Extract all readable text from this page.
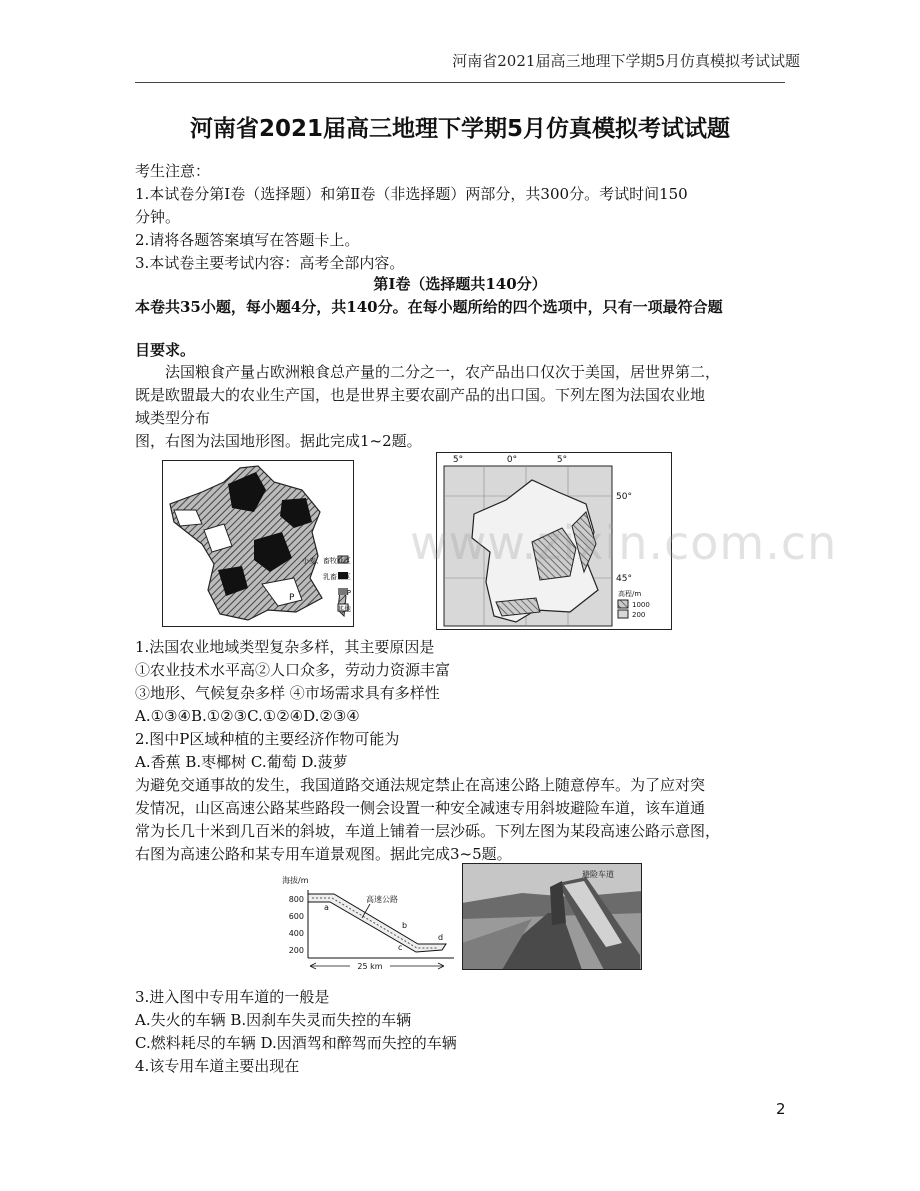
河南省2021届高三地理下学期5月仿真模拟考试试题
河南省2021届高三地理下学期5月仿真模拟考试试题
考生注意：
1.本试卷分第Ⅰ卷（选择题）和第Ⅱ卷（非选择题）两部分，共300分。考试时间150
分钟。
2.请将各题答案填写在答题卡上。
3.本试卷主要考试内容：高考全部内容。
第Ⅰ卷（选择题共140分）
本卷共35小题，每小题4分，共140分。在每小题所给的四个选项中，只有一项最符合题
目要求。
法国粮食产量占欧洲粮食总产量的二分之一，农产品出口仅次于美国，居世界第二，
既是欧盟最大的农业生产国，也是世界主要农副产品的出口国。下列左图为法国农业地
域类型分布
图，右图为法国地形图。据此完成1~2题。
P
小麦、畜牧业区
乳畜业区
P
其他
5°	0°	5°
50°
45°
高程/m
1000
200
www.zixin.com.cn
1.法国农业地域类型复杂多样，其主要原因是
①农业技术水平高②人口众多，劳动力资源丰富
③地形、气候复杂多样 ④市场需求具有多样性
A.①③④B.①②③C.①②④D.②③④
2.图中P区域种植的主要经济作物可能为
A.香蕉 B.枣椰树 C.葡萄 D.菠萝
为避免交通事故的发生，我国道路交通法规定禁止在高速公路上随意停车。为了应对突
发情况，山区高速公路某些路段一侧会设置一种安全减速专用斜坡避险车道，该车道通
常为长几十米到几百米的斜坡，车道上铺着一层沙砾。下列左图为某段高速公路示意图，
右图为高速公路和某专用车道景观图。据此完成3~5题。
海拔/m
800
600
400
200
高速公路
a
b
c
d
25 km
避险车道
3.进入图中专用车道的一般是
A.失火的车辆 B.因刹车失灵而失控的车辆
C.燃料耗尽的车辆 D.因酒驾和醉驾而失控的车辆
4.该专用车道主要出现在
2
